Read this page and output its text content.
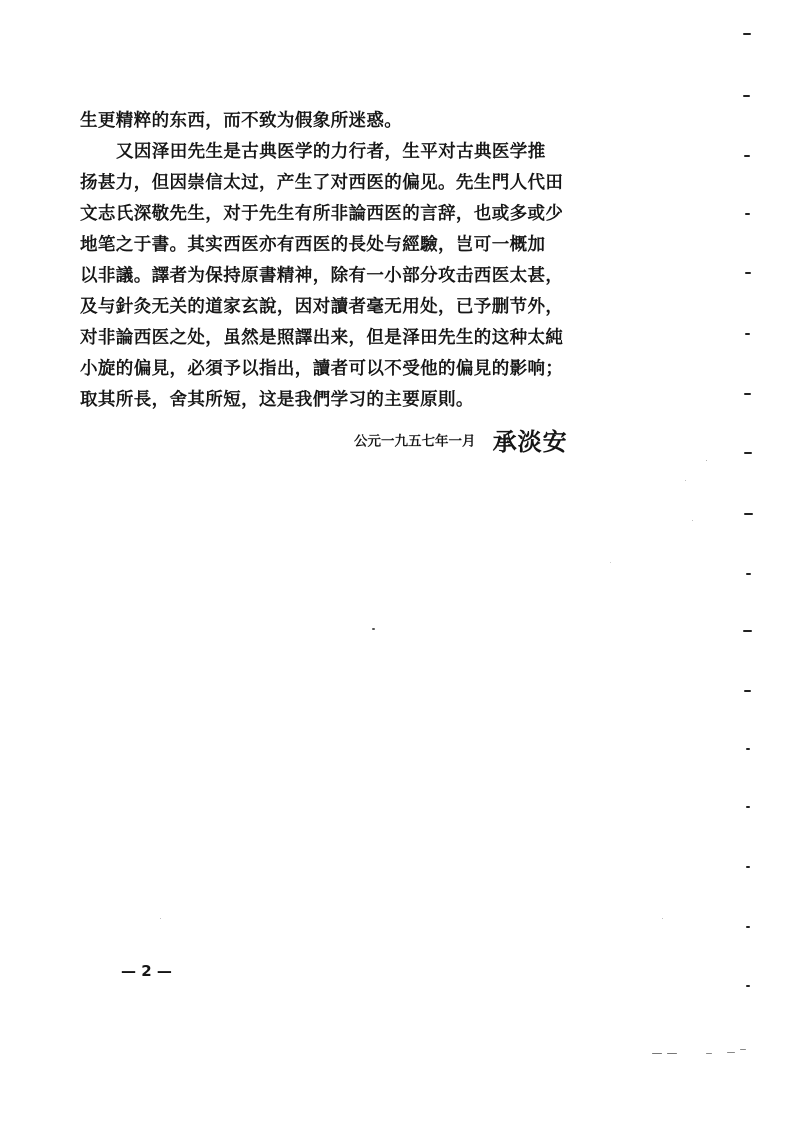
生更精粹的东西，而不致为假象所迷惑。
又因泽田先生是古典医学的力行者，生平对古典医学推
扬甚力，但因崇信太过，产生了对西医的偏见。先生門人代田
文志氏深敬先生，对于先生有所非論西医的言辞，也或多或少
地笔之于書。其实西医亦有西医的長处与經驗，岂可一概加
以非議。譯者为保持原書精神，除有一小部分攻击西医太甚，
及与針灸无关的道家玄說，因对讀者毫无用处，已予删节外，
对非論西医之处，虽然是照譯出来，但是泽田先生的这种太純
小旋的偏見，必須予以指出，讀者可以不受他的偏見的影响；
取其所長，舍其所短，这是我們学习的主要原則。
公元一九五七年一月 承淡安
— 2 —
